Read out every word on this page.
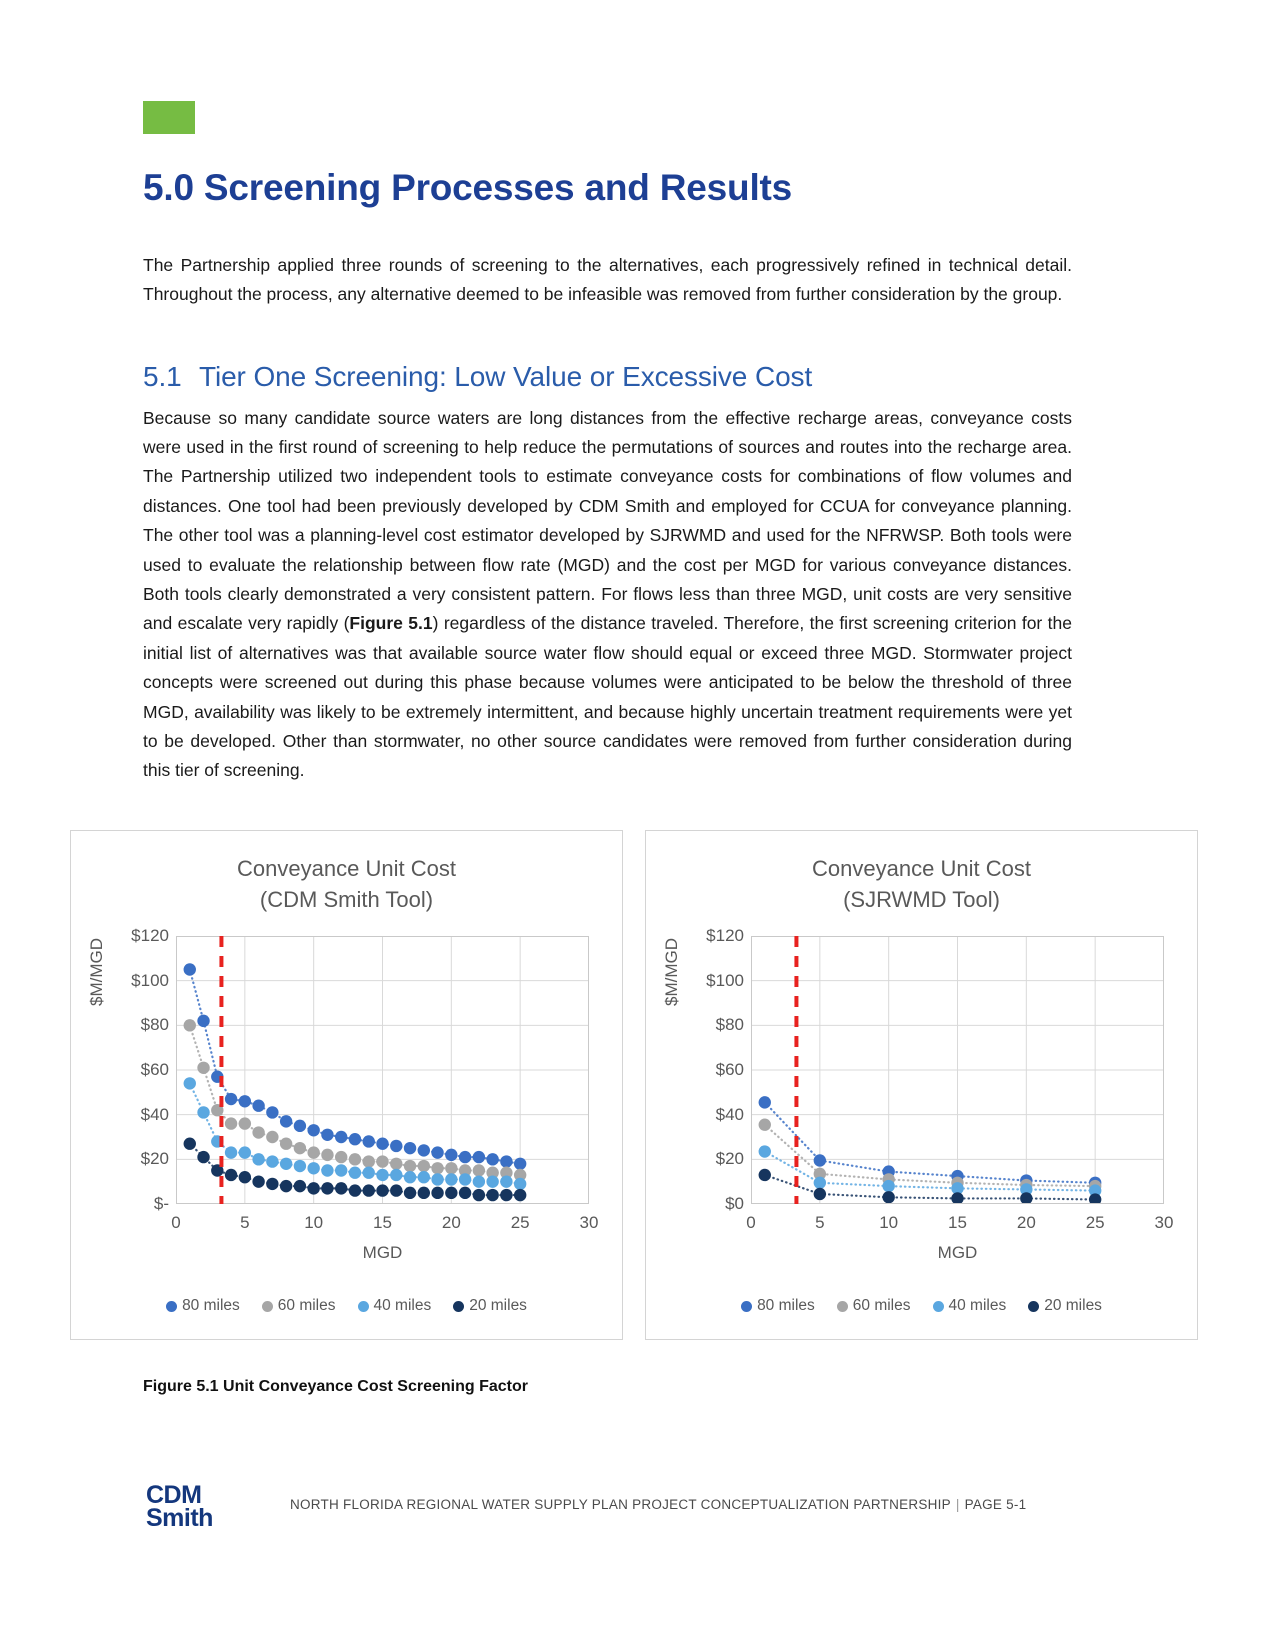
5.0 Screening Processes and Results

The Partnership applied three rounds of screening to the alternatives, each progressively refined in technical detail. Throughout the process, any alternative deemed to be infeasible was removed from further consideration by the group.

5.1 Tier One Screening: Low Value or Excessive Cost

Because so many candidate source waters are long distances from the effective recharge areas, conveyance costs were used in the first round of screening to help reduce the permutations of sources and routes into the recharge area. The Partnership utilized two independent tools to estimate conveyance costs for combinations of flow volumes and distances. One tool had been previously developed by CDM Smith and employed for CCUA for conveyance planning. The other tool was a planning-level cost estimator developed by SJRWMD and used for the NFRWSP. Both tools were used to evaluate the relationship between flow rate (MGD) and the cost per MGD for various conveyance distances. Both tools clearly demonstrated a very consistent pattern. For flows less than three MGD, unit costs are very sensitive and escalate very rapidly (Figure 5.1) regardless of the distance traveled. Therefore, the first screening criterion for the initial list of alternatives was that available source water flow should equal or exceed three MGD. Stormwater project concepts were screened out during this phase because volumes were anticipated to be below the threshold of three MGD, availability was likely to be extremely intermittent, and because highly uncertain treatment requirements were yet to be developed. Other than stormwater, no other source candidates were removed from further consideration during this tier of screening.

Conveyance Unit Cost
(CDM Smith Tool)
$M/MGD
$-
$20
$40
$60
$80
$100
$120
0	5	10	15	20	25	30
MGD
80 miles 60 miles 40 miles 20 miles
Conveyance Unit Cost
(SJRWMD Tool)
$M/MGD
$0
$20
$40
$60
$80
$100
$120
0	5	10	15	20	25	30
MGD
80 miles 60 miles 40 miles 20 miles
Figure 5.1 Unit Conveyance Cost Screening Factor
CDM
Smith	NORTH FLORIDA REGIONAL WATER SUPPLY PLAN PROJECT CONCEPTUALIZATION PARTNERSHIP | PAGE 5-1
